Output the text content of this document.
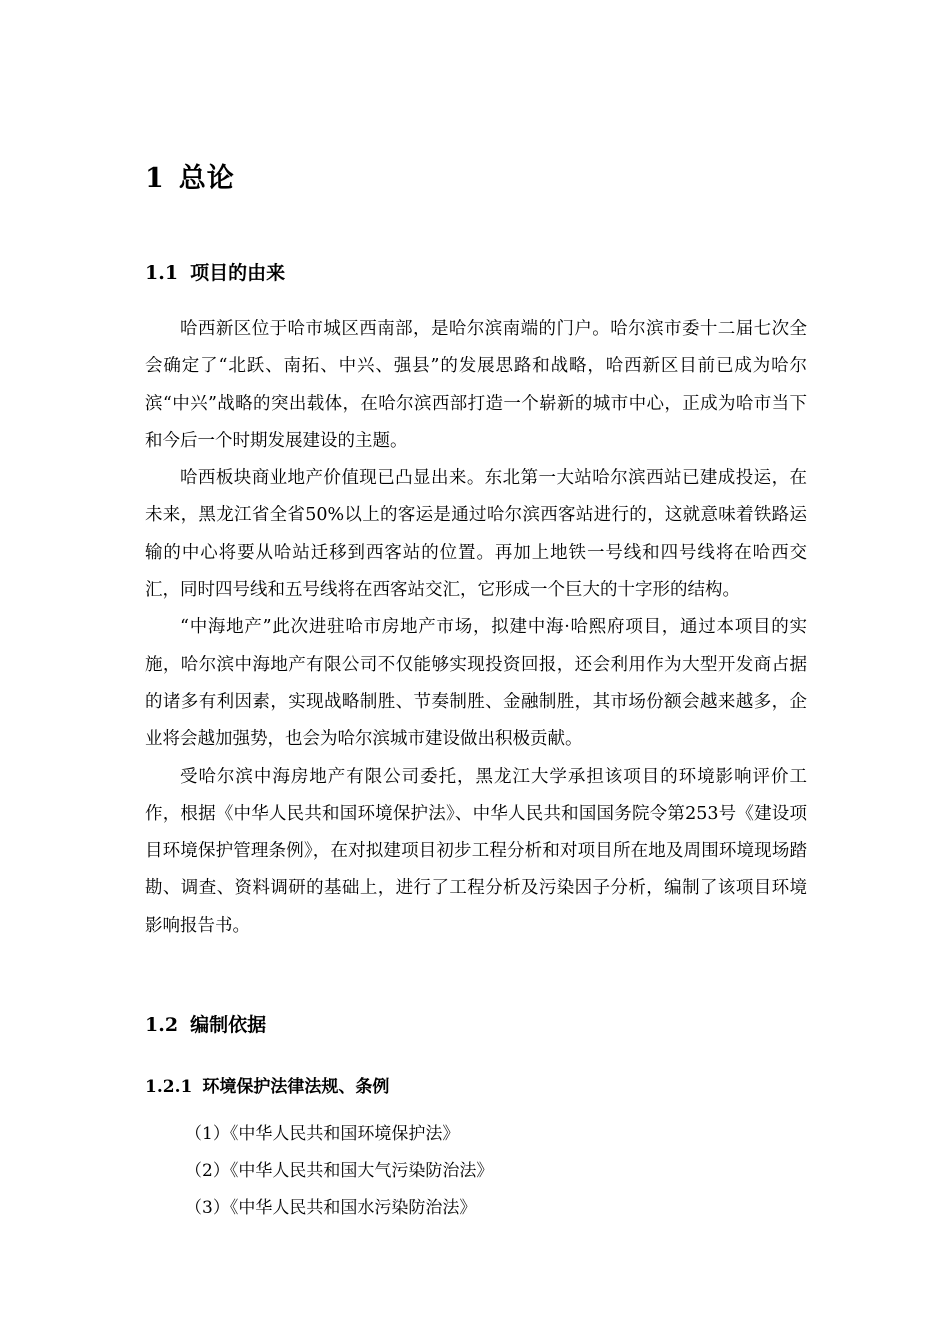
1 总论
1.1 项目的由来

哈西新区位于哈市城区西南部，是哈尔滨南端的门户。哈尔滨市委十二届七次全会确定了“北跃、南拓、中兴、强县”的发展思路和战略，哈西新区目前已成为哈尔滨“中兴”战略的突出载体，在哈尔滨西部打造一个崭新的城市中心，正成为哈市当下和今后一个时期发展建设的主题。

哈西板块商业地产价值现已凸显出来。东北第一大站哈尔滨西站已建成投运，在未来，黑龙江省全省50%以上的客运是通过哈尔滨西客站进行的，这就意味着铁路运输的中心将要从哈站迁移到西客站的位置。再加上地铁一号线和四号线将在哈西交汇，同时四号线和五号线将在西客站交汇，它形成一个巨大的十字形的结构。

“中海地产”此次进驻哈市房地产市场，拟建中海·哈熙府项目，通过本项目的实施，哈尔滨中海地产有限公司不仅能够实现投资回报，还会利用作为大型开发商占据的诸多有利因素，实现战略制胜、节奏制胜、金融制胜，其市场份额会越来越多，企业将会越加强势，也会为哈尔滨城市建设做出积极贡献。

受哈尔滨中海房地产有限公司委托，黑龙江大学承担该项目的环境影响评价工作，根据《中华人民共和国环境保护法》、中华人民共和国国务院令第253号《建设项目环境保护管理条例》，在对拟建项目初步工程分析和对项目所在地及周围环境现场踏勘、调查、资料调研的基础上，进行了工程分析及污染因子分析，编制了该项目环境影响报告书。

1.2 编制依据
1.2.1 环境保护法律法规、条例
（1）《中华人民共和国环境保护法》
（2）《中华人民共和国大气污染防治法》
（3）《中华人民共和国水污染防治法》
